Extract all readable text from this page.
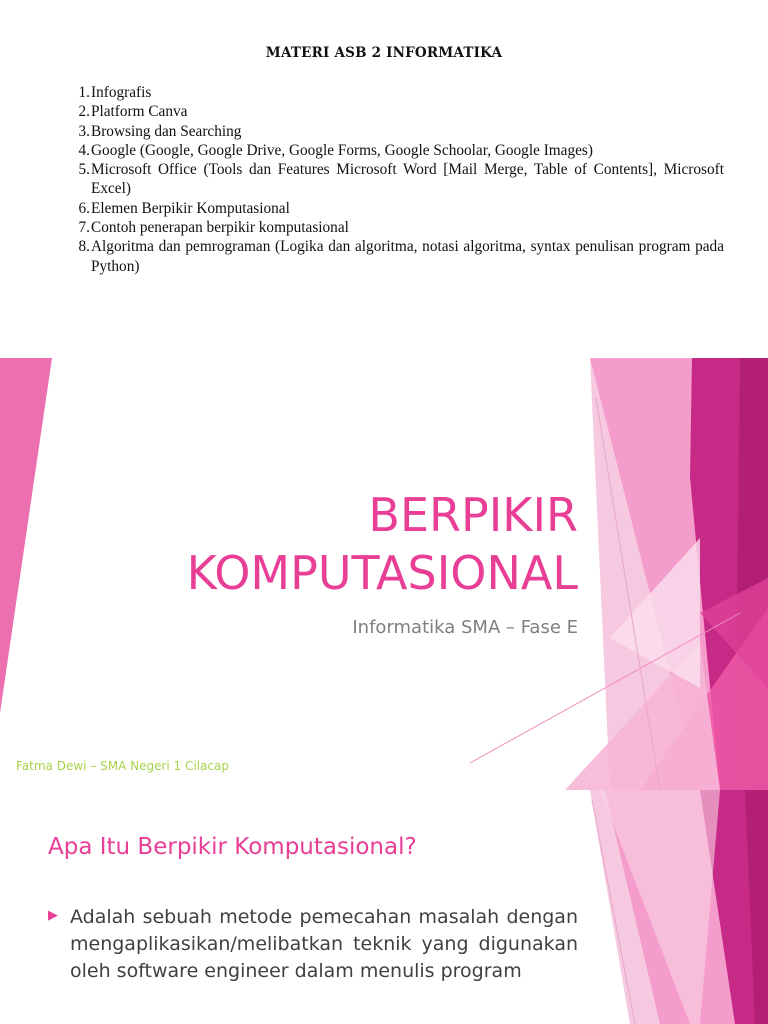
MATERI ASB 2 INFORMATIKA
1. Infografis
2. Platform Canva
3. Browsing dan Searching
4. Google (Google, Google Drive, Google Forms, Google Schoolar, Google Images)
5. Microsoft Office (Tools dan Features Microsoft Word [Mail Merge, Table of Contents], Microsoft Excel)
6. Elemen Berpikir Komputasional
7. Contoh penerapan berpikir komputasional
8. Algoritma dan pemrograman (Logika dan algoritma, notasi algoritma, syntax penulisan program pada Python)
BERPIKIR
KOMPUTASIONAL
Informatika SMA – Fase E
Fatma Dewi – SMA Negeri 1 Cilacap
Apa Itu Berpikir Komputasional?
▶ Adalah sebuah metode pemecahan masalah dengan mengaplikasikan/melibatkan teknik yang digunakan oleh software engineer dalam menulis program
